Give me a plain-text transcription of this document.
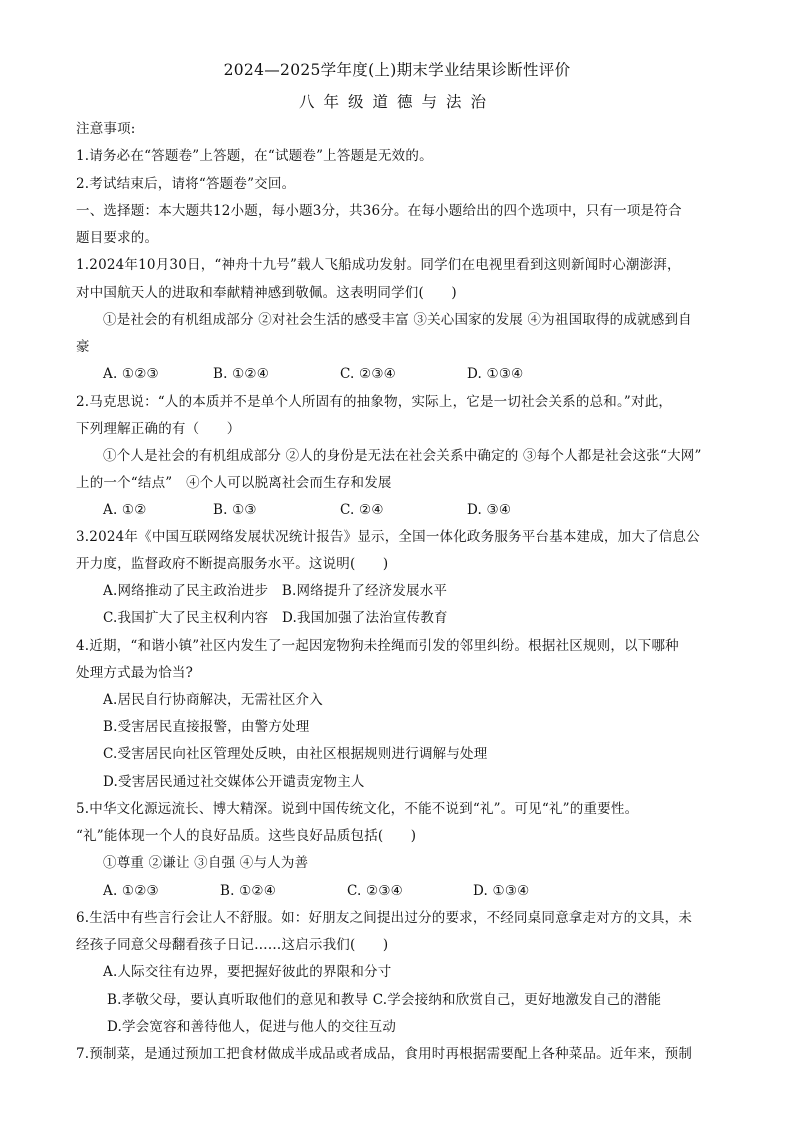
2024—2025学年度(上)期末学业结果诊断性评价
八年级道德与法治
注意事项:
1.请务必在“答题卷”上答题，在“试题卷”上答题是无效的。
2.考试结束后，请将“答题卷”交回。
一、选择题：本大题共12小题，每小题3分，共36分。在每小题给出的四个选项中，只有一项是符合
题目要求的。
1.2024年10月30日，“神舟十九号”载人飞船成功发射。同学们在电视里看到这则新闻时心潮澎湃，
对中国航天人的进取和奉献精神感到敬佩。这表明同学们(　　)
①是社会的有机组成部分 ②对社会生活的感受丰富 ③关心国家的发展 ④为祖国取得的成就感到自
豪
A. ①②③	B. ①②④	C. ②③④	D. ①③④
2.马克思说：“人的本质并不是单个人所固有的抽象物，实际上，它是一切社会关系的总和。”对此，
下列理解正确的有（　　）
①个人是社会的有机组成部分 ②人的身份是无法在社会关系中确定的 ③每个人都是社会这张“大网”
上的一个“结点”　④个人可以脱离社会而生存和发展
A. ①②	B. ①③	C. ②④	D. ③④
3.2024年《中国互联网络发展状况统计报告》显示，全国一体化政务服务平台基本建成，加大了信息公
开力度，监督政府不断提高服务水平。这说明(　　)
A.网络推动了民主政治进步　B.网络提升了经济发展水平
C.我国扩大了民主权利内容　D.我国加强了法治宣传教育
4.近期，“和谐小镇”社区内发生了一起因宠物狗未拴绳而引发的邻里纠纷。根据社区规则，以下哪种
处理方式最为恰当?
A.居民自行协商解决，无需社区介入
B.受害居民直接报警，由警方处理
C.受害居民向社区管理处反映，由社区根据规则进行调解与处理
D.受害居民通过社交媒体公开谴责宠物主人
5.中华文化源远流长、博大精深。说到中国传统文化，不能不说到“礼”。可见“礼”的重要性。
“礼”能体现一个人的良好品质。这些良好品质包括(　　)
①尊重 ②谦让 ③自强 ④与人为善
A. ①②③	B. ①②④	C. ②③④	D. ①③④
6.生活中有些言行会让人不舒服。如：好朋友之间提出过分的要求，不经同桌同意拿走对方的文具，未
经孩子同意父母翻看孩子日记……这启示我们(　　)
A.人际交往有边界，要把握好彼此的界限和分寸
B.孝敬父母，要认真听取他们的意见和教导 C.学会接纳和欣赏自己，更好地激发自己的潜能
D.学会宽容和善待他人，促进与他人的交往互动
7.预制菜，是通过预加工把食材做成半成品或者成品，食用时再根据需要配上各种菜品。近年来，预制
